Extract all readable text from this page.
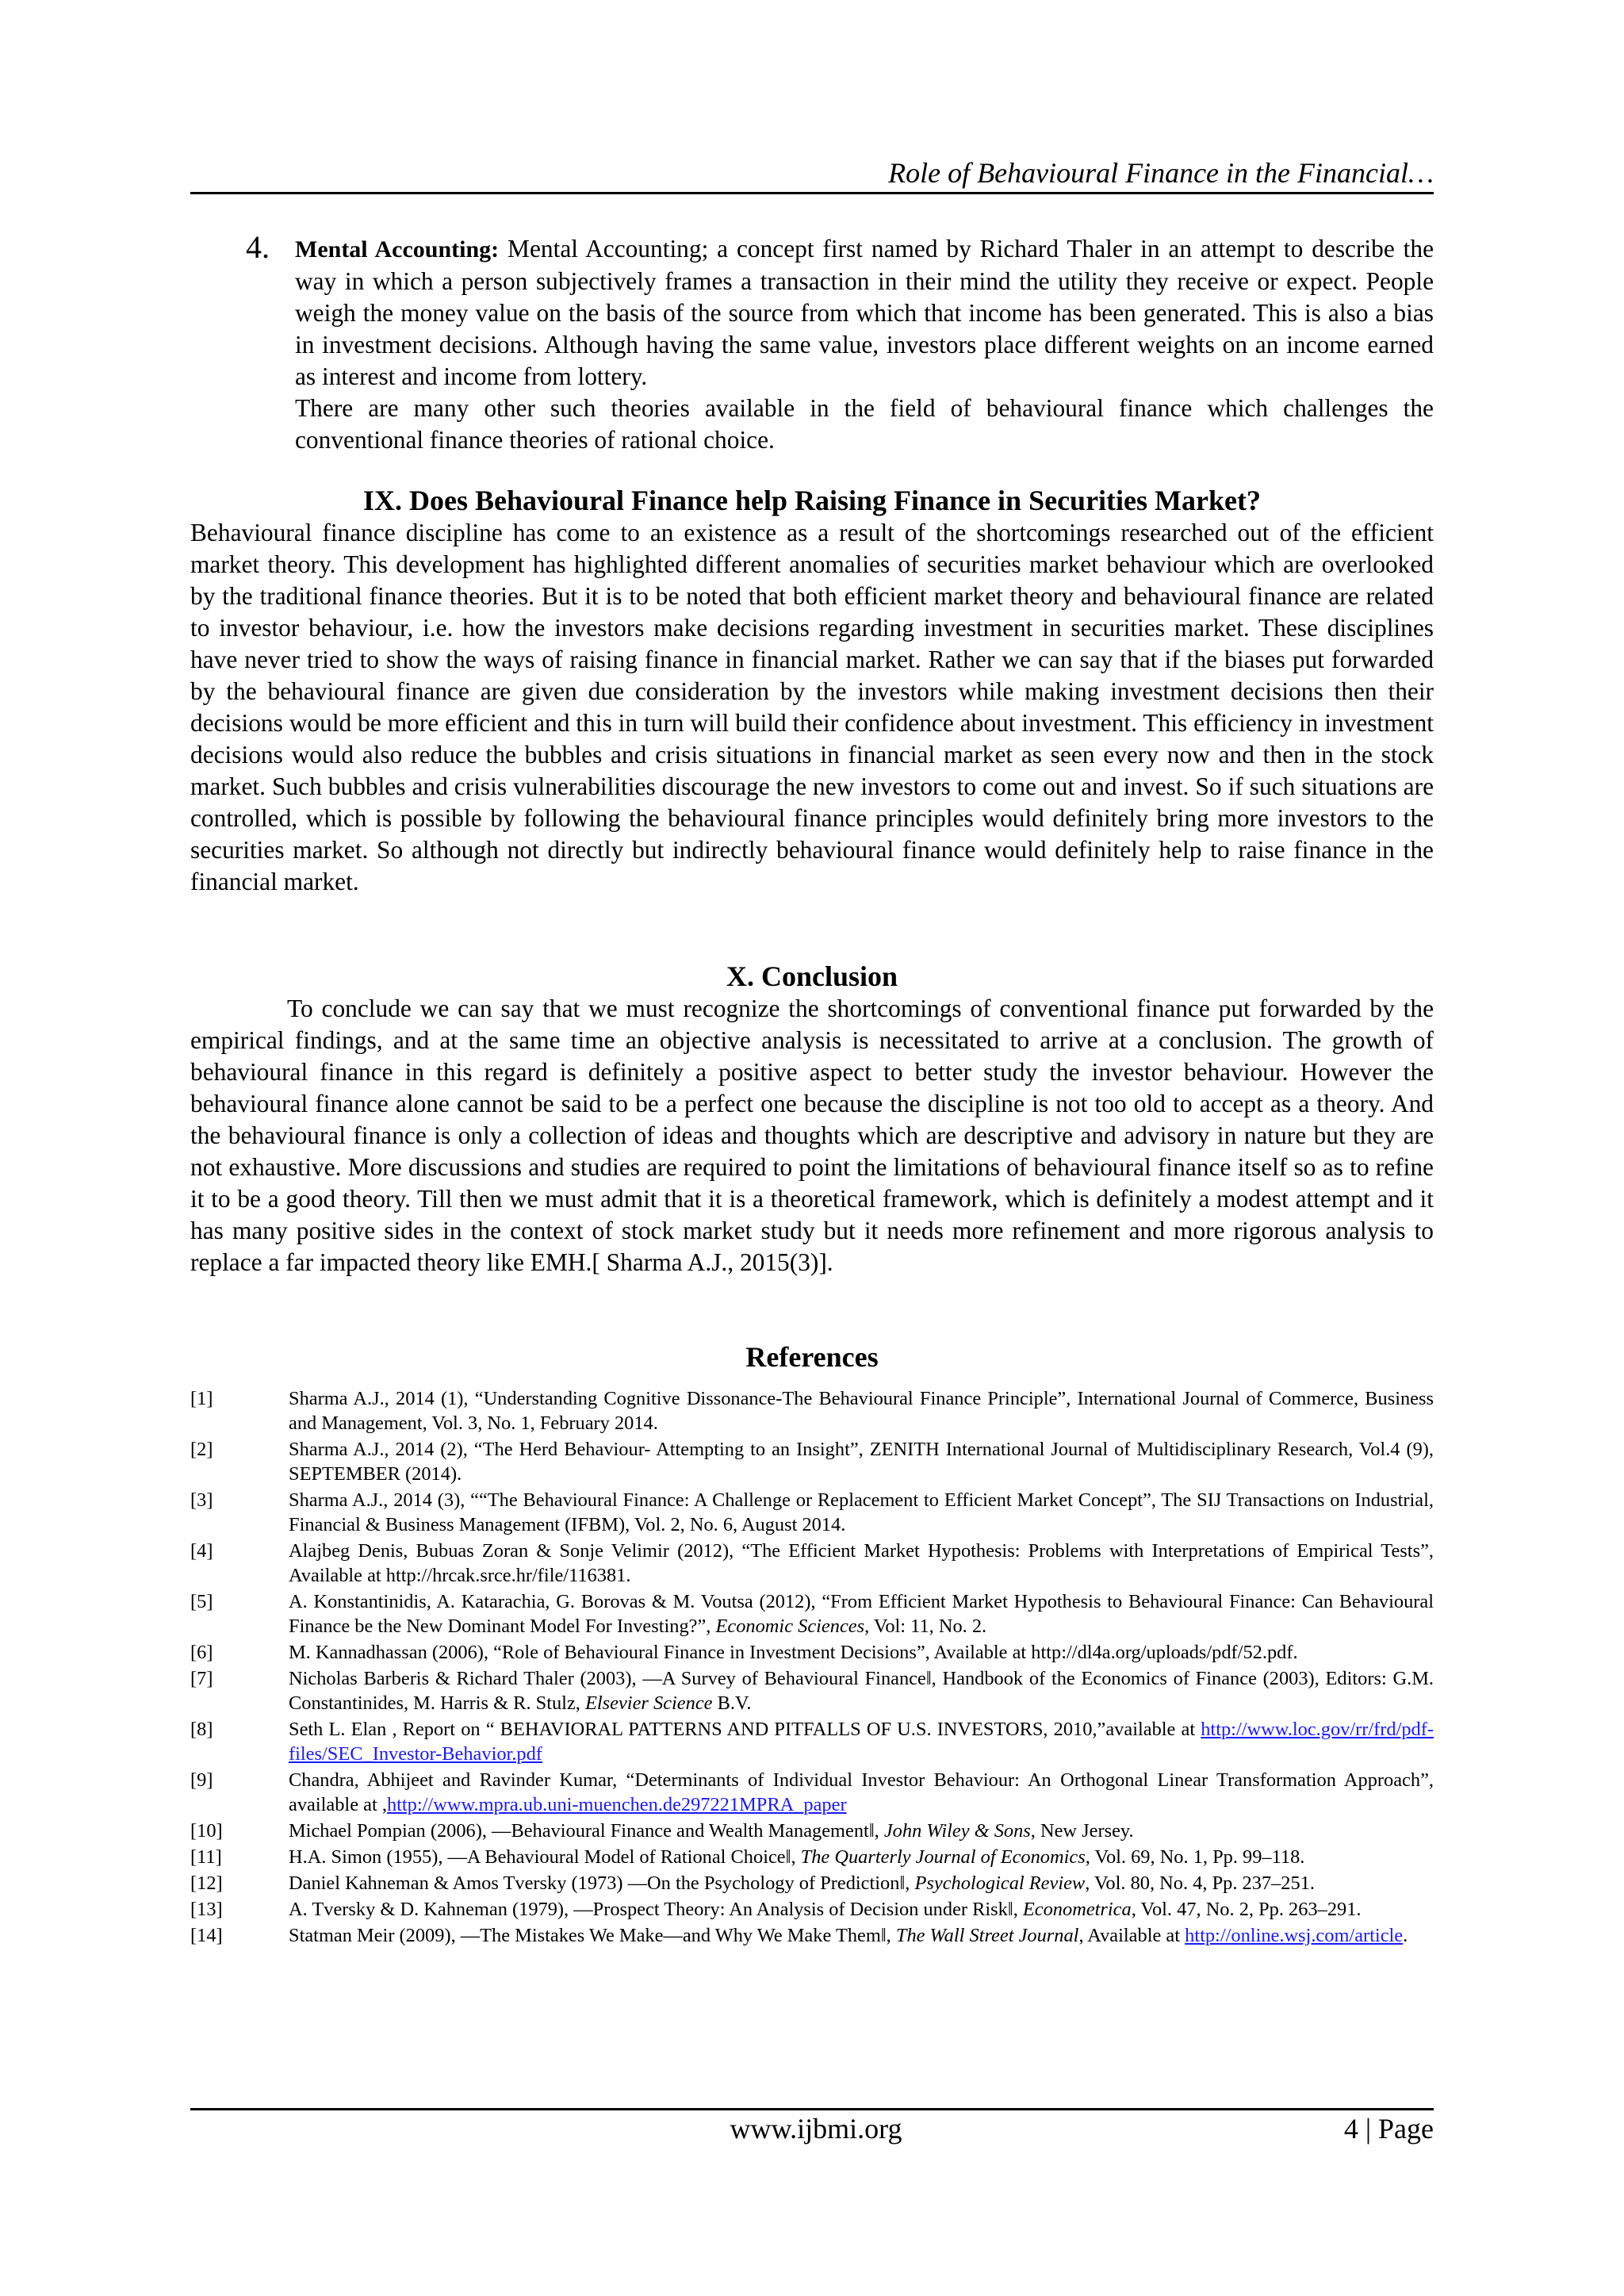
Role of Behavioural Finance in the Financial…
4. Mental Accounting: Mental Accounting; a concept first named by Richard Thaler in an attempt to describe the way in which a person subjectively frames a transaction in their mind the utility they receive or expect. People weigh the money value on the basis of the source from which that income has been generated. This is also a bias in investment decisions. Although having the same value, investors place different weights on an income earned as interest and income from lottery.

There are many other such theories available in the field of behavioural finance which challenges the conventional finance theories of rational choice.

IX. Does Behavioural Finance help Raising Finance in Securities Market?

Behavioural finance discipline has come to an existence as a result of the shortcomings researched out of the efficient market theory. This development has highlighted different anomalies of securities market behaviour which are overlooked by the traditional finance theories. But it is to be noted that both efficient market theory and behavioural finance are related to investor behaviour, i.e. how the investors make decisions regarding investment in securities market. These disciplines have never tried to show the ways of raising finance in financial market. Rather we can say that if the biases put forwarded by the behavioural finance are given due consideration by the investors while making investment decisions then their decisions would be more efficient and this in turn will build their confidence about investment. This efficiency in investment decisions would also reduce the bubbles and crisis situations in financial market as seen every now and then in the stock market. Such bubbles and crisis vulnerabilities discourage the new investors to come out and invest. So if such situations are controlled, which is possible by following the behavioural finance principles would definitely bring more investors to the securities market. So although not directly but indirectly behavioural finance would definitely help to raise finance in the financial market.

X. Conclusion

To conclude we can say that we must recognize the shortcomings of conventional finance put forwarded by the empirical findings, and at the same time an objective analysis is necessitated to arrive at a conclusion. The growth of behavioural finance in this regard is definitely a positive aspect to better study the investor behaviour. However the behavioural finance alone cannot be said to be a perfect one because the discipline is not too old to accept as a theory. And the behavioural finance is only a collection of ideas and thoughts which are descriptive and advisory in nature but they are not exhaustive. More discussions and studies are required to point the limitations of behavioural finance itself so as to refine it to be a good theory. Till then we must admit that it is a theoretical framework, which is definitely a modest attempt and it has many positive sides in the context of stock market study but it needs more refinement and more rigorous analysis to replace a far impacted theory like EMH.[ Sharma A.J., 2015(3)].

References
[1]	Sharma A.J., 2014 (1), “Understanding Cognitive Dissonance-The Behavioural Finance Principle”, International Journal of Commerce, Business and Management, Vol. 3, No. 1, February 2014.
[2]	Sharma A.J., 2014 (2), “The Herd Behaviour- Attempting to an Insight”, ZENITH International Journal of Multidisciplinary Research, Vol.4 (9), SEPTEMBER (2014).
[3]	Sharma A.J., 2014 (3), ““The Behavioural Finance: A Challenge or Replacement to Efficient Market Concept”, The SIJ Transactions on Industrial, Financial & Business Management (IFBM), Vol. 2, No. 6, August 2014.
[4]	Alajbeg Denis, Bubuas Zoran & Sonje Velimir (2012), “The Efficient Market Hypothesis: Problems with Interpretations of Empirical Tests”, Available at http://hrcak.srce.hr/file/116381.
[5]	A. Konstantinidis, A. Katarachia, G. Borovas & M. Voutsa (2012), “From Efficient Market Hypothesis to Behavioural Finance: Can Behavioural Finance be the New Dominant Model For Investing?”, Economic Sciences, Vol: 11, No. 2.
[6]	M. Kannadhassan (2006), “Role of Behavioural Finance in Investment Decisions”, Available at http://dl4a.org/uploads/pdf/52.pdf.
[7]	Nicholas Barberis & Richard Thaler (2003), ―A Survey of Behavioural Finance‖, Handbook of the Economics of Finance (2003), Editors: G.M. Constantinides, M. Harris & R. Stulz, Elsevier Science B.V.
[8]	Seth L. Elan , Report on “ BEHAVIORAL PATTERNS AND PITFALLS OF U.S. INVESTORS, 2010,”available at http://www.loc.gov/rr/frd/pdf-files/SEC_Investor-Behavior.pdf
[9]	Chandra, Abhijeet and Ravinder Kumar, “Determinants of Individual Investor Behaviour: An Orthogonal Linear Transformation Approach”, available at ,http://www.mpra.ub.uni-muenchen.de297221MPRA_paper
[10]	Michael Pompian (2006), ―Behavioural Finance and Wealth Management‖, John Wiley & Sons, New Jersey.
[11]	H.A. Simon (1955), ―A Behavioural Model of Rational Choice‖, The Quarterly Journal of Economics, Vol. 69, No. 1, Pp. 99–118.
[12]	Daniel Kahneman & Amos Tversky (1973) ―On the Psychology of Prediction‖, Psychological Review, Vol. 80, No. 4, Pp. 237–251.
[13]	A. Tversky & D. Kahneman (1979), ―Prospect Theory: An Analysis of Decision under Risk‖, Econometrica, Vol. 47, No. 2, Pp. 263–291.
[14]	Statman Meir (2009), ―The Mistakes We Make—and Why We Make Them‖, The Wall Street Journal, Available at http://online.wsj.com/article.
www.ijbmi.org	4 | Page
